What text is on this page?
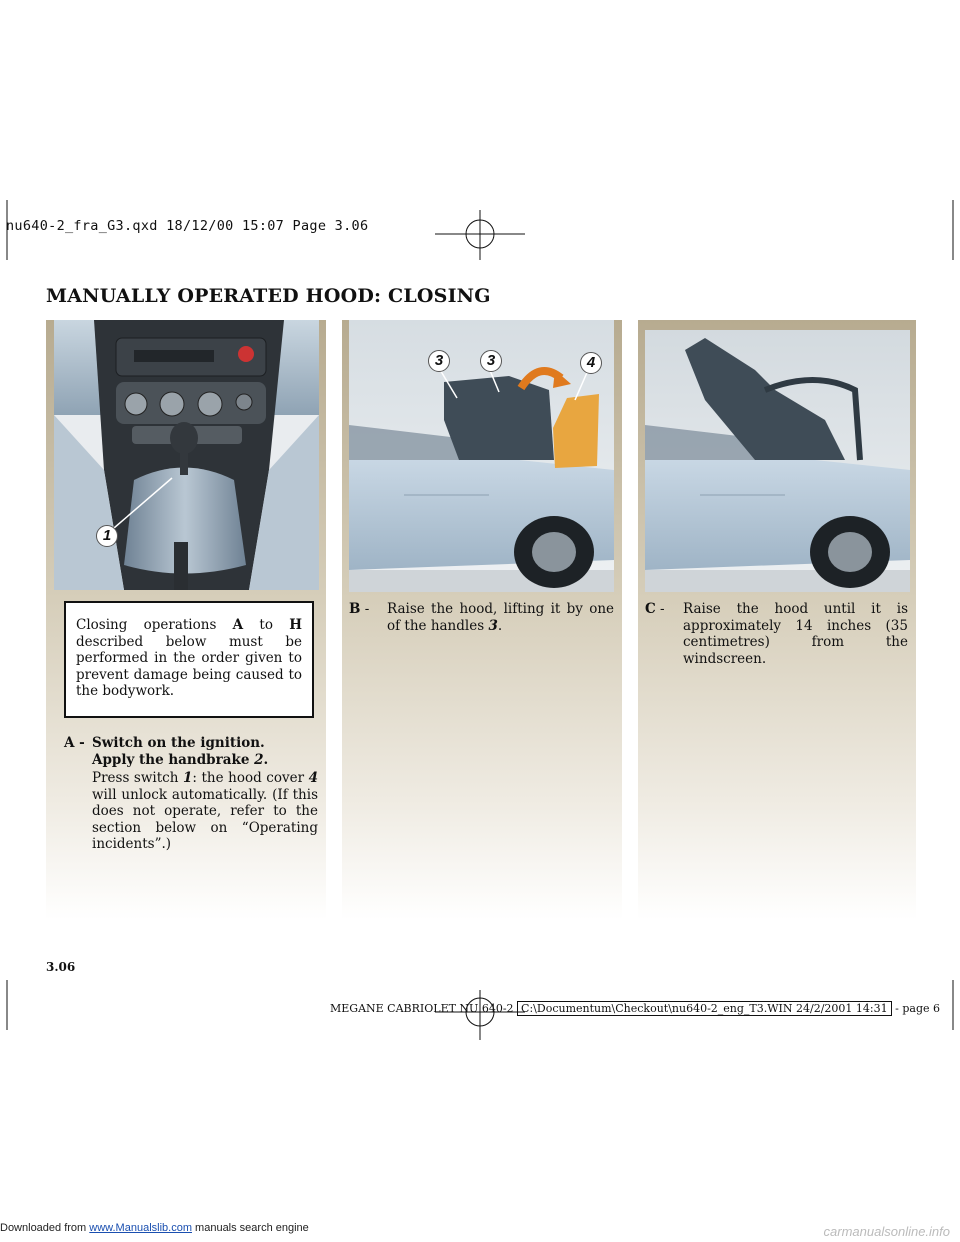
nu640-2_fra_G3.qxd 18/12/00 15:07 Page 3.06
MANUALLY OPERATED HOOD: CLOSING
1
3	3	4
Closing operations A to H described below must be performed in the order given to prevent damage being caused to the bodywork.
A - Switch on the ignition.
Apply the handbrake 2.
Press switch 1: the hood cover 4 will unlock automatically. (If this does not operate, refer to the section below on “Operating incidents”.)
B -	Raise the hood, lifting it by one of the handles 3.
C -	Raise the hood until it is approximately 14 inches (35 centimetres) from the windscreen.
3.06
MEGANE CABRIOLET NU 640-2 C:\Documentum\Checkout\nu640-2_eng_T3.WIN 24/2/2001 14:31 - page 6
Downloaded from www.Manualslib.com manuals search engine	carmanualsonline.info
